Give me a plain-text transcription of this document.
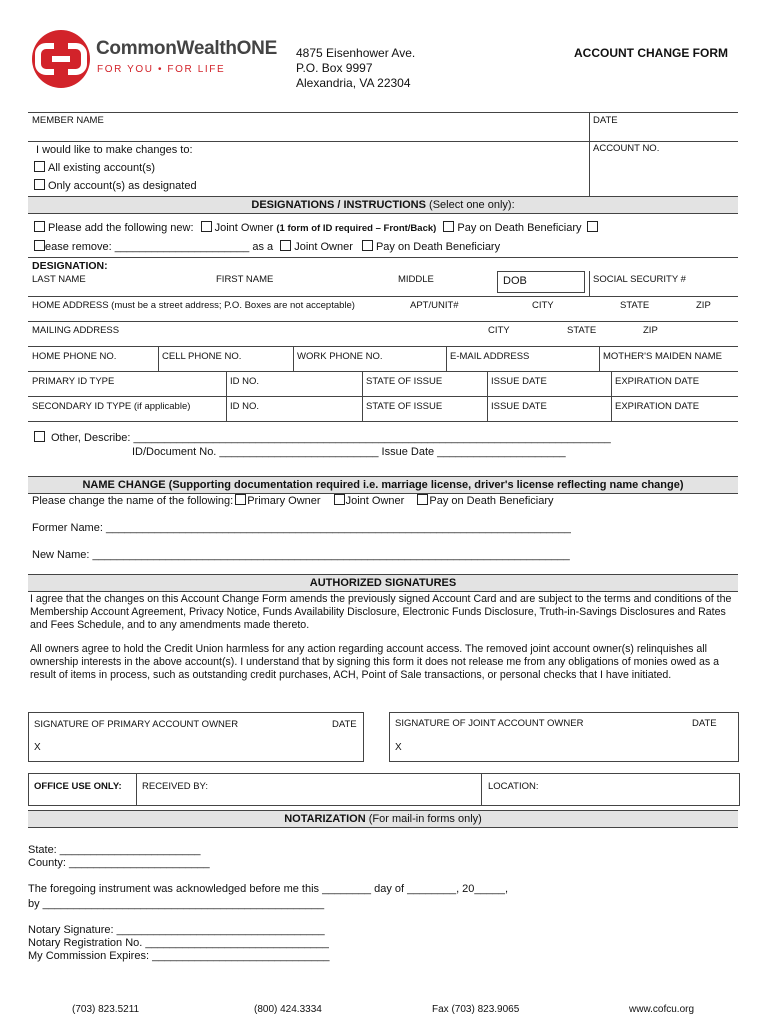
CommonWealthONE
FOR YOU • FOR LIFE
4875 Eisenhower Ave.
P.O. Box 9997
Alexandria, VA 22304
ACCOUNT CHANGE FORM
MEMBER NAME	DATE
ACCOUNT NO.
I would like to make changes to:
All existing account(s)
Only account(s) as designated
DESIGNATIONS / INSTRUCTIONS (Select one only):
Please add the following new: Joint Owner (1 form of ID required – Front/Back) Pay on Death Beneficiary
ease remove: ______________________ as a Joint Owner Pay on Death Beneficiary
DESIGNATION:
LAST NAME	FIRST NAME	MIDDLE	DOB	SOCIAL SECURITY #
HOME ADDRESS (must be a street address; P.O. Boxes are not acceptable)	APT/UNIT#	CITY	STATE	ZIP
MAILING ADDRESS	CITY	STATE	ZIP
HOME PHONE NO.	CELL PHONE NO.	WORK PHONE NO.	E-MAIL ADDRESS	MOTHER'S MAIDEN NAME
PRIMARY ID TYPE	ID NO.	STATE OF ISSUE	ISSUE DATE	EXPIRATION DATE
SECONDARY ID TYPE (if applicable)	ID NO.	STATE OF ISSUE	ISSUE DATE	EXPIRATION DATE
Other, Describe: ______________________________________________________________________________
ID/Document No. __________________________ Issue Date _____________________
NAME CHANGE (Supporting documentation required i.e. marriage license, driver's license reflecting name change)
Please change the name of the following: Primary Owner Joint Owner Pay on Death Beneficiary
Former Name: ____________________________________________________________________________
New Name: ______________________________________________________________________________
AUTHORIZED SIGNATURES
I agree that the changes on this Account Change Form amends the previously signed Account Card and are subject to the terms and conditions of the Membership Account Agreement, Privacy Notice, Funds Availability Disclosure, Electronic Funds Disclosure, Truth-in-Savings Disclosures and Rates and Fees Schedule, and to any amendments made thereto.
All owners agree to hold the Credit Union harmless for any action regarding account access. The removed joint account owner(s) relinquishes all ownership interests in the above account(s). I understand that by signing this form it does not release me from any obligations of monies owed as a result of items in process, such as outstanding credit purchases, ACH, Point of Sale transactions, or personal checks that I have initiated.
SIGNATURE OF PRIMARY ACCOUNT OWNER	DATE
X
SIGNATURE OF JOINT ACCOUNT OWNER	DATE
X
OFFICE USE ONLY: RECEIVED BY:	LOCATION:
NOTARIZATION (For mail-in forms only)
State: _______________________
County: _______________________
The foregoing instrument was acknowledged before me this ________ day of ________, 20_____,
by ______________________________________________
Notary Signature: __________________________________
Notary Registration No. ______________________________
My Commission Expires: _____________________________
(703) 823.5211	(800) 424.3334	Fax (703) 823.9065	www.cofcu.org
